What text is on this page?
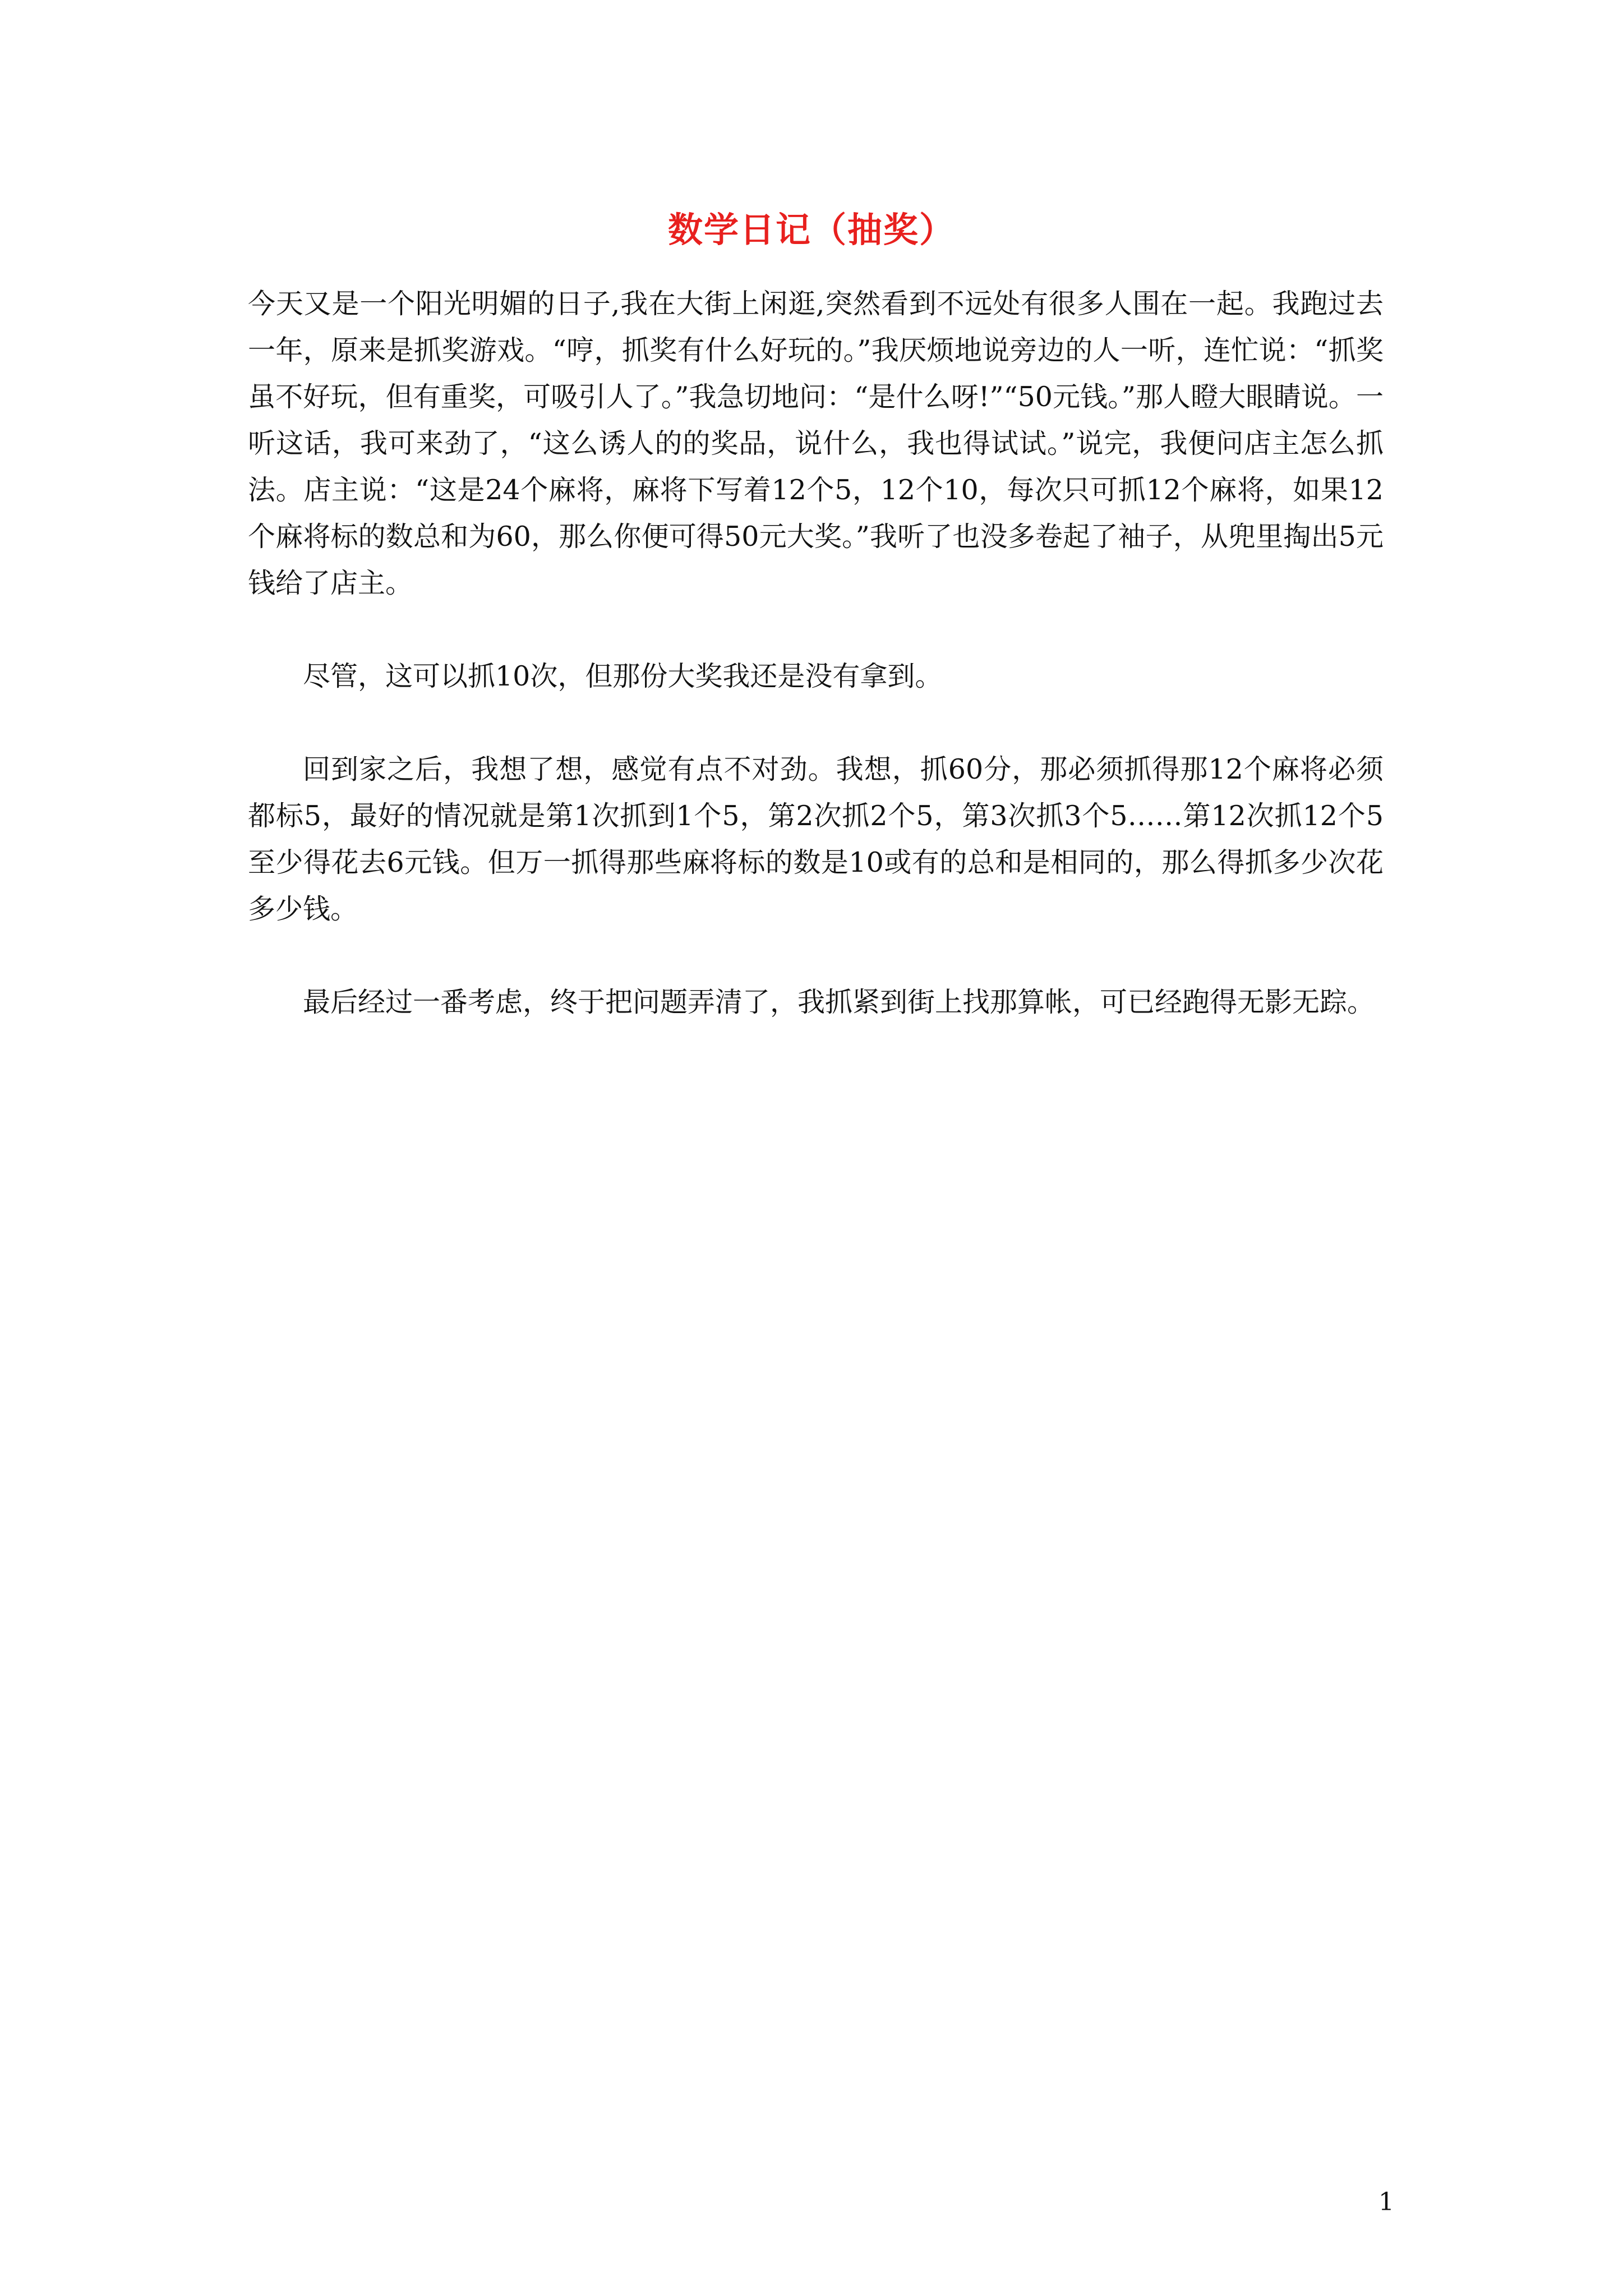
数学日记（抽奖）

今天又是一个阳光明媚的日子,我在大街上闲逛,突然看到不远处有很多人围在一起。我跑过去一年，原来是抓奖游戏。“哼，抓奖有什么好玩的。”我厌烦地说旁边的人一听，连忙说：“抓奖虽不好玩，但有重奖，可吸引人了。”我急切地问：“是什么呀!”“50元钱。”那人瞪大眼睛说。一听这话，我可来劲了，“这么诱人的的奖品，说什么，我也得试试。”说完，我便问店主怎么抓法。店主说：“这是24个麻将，麻将下写着12个5，12个10，每次只可抓12个麻将，如果12个麻将标的数总和为60，那么你便可得50元大奖。”我听了也没多卷起了袖子，从兜里掏出5元钱给了店主。

尽管，这可以抓10次，但那份大奖我还是没有拿到。

回到家之后，我想了想，感觉有点不对劲。我想，抓60分，那必须抓得那12个麻将必须都标5，最好的情况就是第1次抓到1个5，第2次抓2个5，第3次抓3个5……第12次抓12个5至少得花去6元钱。但万一抓得那些麻将标的数是10或有的总和是相同的，那么得抓多少次花多少钱。

最后经过一番考虑，终于把问题弄清了，我抓紧到街上找那算帐，可已经跑得无影无踪。

1
